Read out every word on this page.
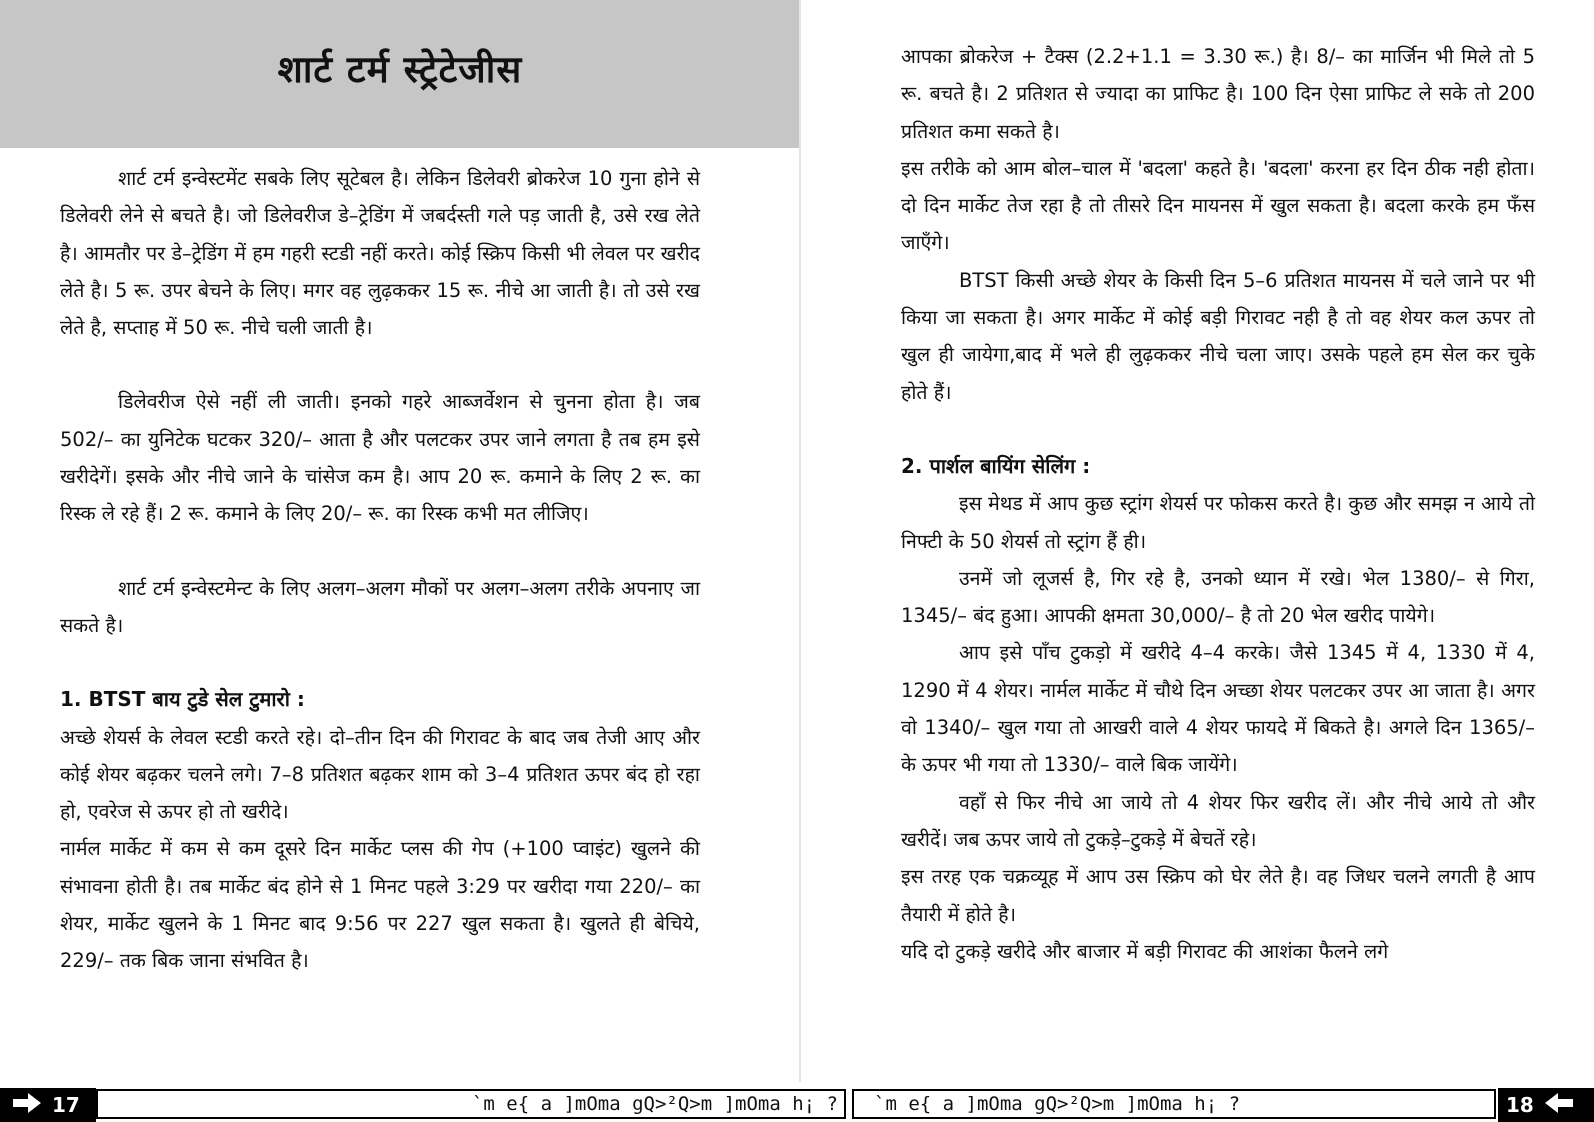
शार्ट टर्म स्ट्रेटेजीस

शार्ट टर्म इन्वेस्टमेंट सबके लिए सूटेबल है। लेकिन डिलेवरी ब्रोकरेज 10 गुना होने से डिलेवरी लेने से बचते है। जो डिलेवरीज डे–ट्रेडिंग में जबर्दस्ती गले पड़ जाती है, उसे रख लेते है। आमतौर पर डे–ट्रेडिंग में हम गहरी स्टडी नहीं करते। कोई स्क्रिप किसी भी लेवल पर खरीद लेते है। 5 रू. उपर बेचने के लिए। मगर वह लुढ़ककर 15 रू. नीचे आ जाती है। तो उसे रख लेते है, सप्ताह में 50 रू. नीचे चली जाती है।

डिलेवरीज ऐसे नहीं ली जाती। इनको गहरे आब्जर्वेशन से चुनना होता है। जब 502/– का युनिटेक घटकर 320/– आता है और पलटकर उपर जाने लगता है तब हम इसे खरीदेगें। इसके और नीचे जाने के चांसेज कम है। आप 20 रू. कमाने के लिए 2 रू. का रिस्क ले रहे हैं। 2 रू. कमाने के लिए 20/– रू. का रिस्क कभी मत लीजिए।

शार्ट टर्म इन्वेस्टमेन्ट के लिए अलग–अलग मौकों पर अलग–अलग तरीके अपनाए जा सकते है।

1. BTST बाय टुडे सेल टुमारो :

अच्छे शेयर्स के लेवल स्टडी करते रहे। दो–तीन दिन की गिरावट के बाद जब तेजी आए और कोई शेयर बढ़कर चलने लगे। 7–8 प्रतिशत बढ़कर शाम को 3–4 प्रतिशत ऊपर बंद हो रहा हो, एवरेज से ऊपर हो तो खरीदे।

नार्मल मार्केट में कम से कम दूसरे दिन मार्केट प्लस की गेप (+100 प्वाइंट) खुलने की संभावना होती है। तब मार्केट बंद होने से 1 मिनट पहले 3:29 पर खरीदा गया 220/– का शेयर, मार्केट खुलने के 1 मिनट बाद 9:56 पर 227 खुल सकता है। खुलते ही बेचिये, 229/– तक बिक जाना संभवित है।

आपका ब्रोकरेज + टैक्स (2.2+1.1 = 3.30 रू.) है। 8/– का मार्जिन भी मिले तो 5 रू. बचते है। 2 प्रतिशत से ज्यादा का प्राफिट है। 100 दिन ऐसा प्राफिट ले सके तो 200 प्रतिशत कमा सकते है।

इस तरीके को आम बोल–चाल में 'बदला' कहते है। 'बदला' करना हर दिन ठीक नही होता। दो दिन मार्केट तेज रहा है तो तीसरे दिन मायनस में खुल सकता है। बदला करके हम फँस जाएँगे।

BTST किसी अच्छे शेयर के किसी दिन 5–6 प्रतिशत मायनस में चले जाने पर भी किया जा सकता है। अगर मार्केट में कोई बड़ी गिरावट नही है तो वह शेयर कल ऊपर तो खुल ही जायेगा,बाद में भले ही लुढ़ककर नीचे चला जाए। उसके पहले हम सेल कर चुके होते हैं।

2. पार्शल बायिंग सेलिंग :

इस मेथड में आप कुछ स्ट्रांग शेयर्स पर फोकस करते है। कुछ और समझ न आये तो निफ्टी के 50 शेयर्स तो स्ट्रांग हैं ही।

उनमें जो लूजर्स है, गिर रहे है, उनको ध्यान में रखे। भेल 1380/– से गिरा, 1345/– बंद हुआ। आपकी क्षमता 30,000/– है तो 20 भेल खरीद पायेगे।

आप इसे पाँच टुकड़ो में खरीदे 4–4 करके। जैसे 1345 में 4, 1330 में 4, 1290 में 4 शेयर। नार्मल मार्केट में चौथे दिन अच्छा शेयर पलटकर उपर आ जाता है। अगर वो 1340/– खुल गया तो आखरी वाले 4 शेयर फायदे में बिकते है। अगले दिन 1365/– के ऊपर भी गया तो 1330/– वाले बिक जायेंगे।

वहाँ से फिर नीचे आ जाये तो 4 शेयर फिर खरीद लें। और नीचे आये तो और खरीदें। जब ऊपर जाये तो टुकड़े–टुकड़े में बेचतें रहे।

इस तरह एक चक्रव्यूह में आप उस स्क्रिप को घेर लेते है। वह जिधर चलने लगती है आप तैयारी में होते है।

यदि दो टुकड़े खरीदे और बाजार में बड़ी गिरावट की आशंका फैलने लगे

17	`m e{ a ]mOma gQ>²Q>m ]mOma h¡ ?	`m e{ a ]mOma gQ>²Q>m ]mOma h¡ ?	18
